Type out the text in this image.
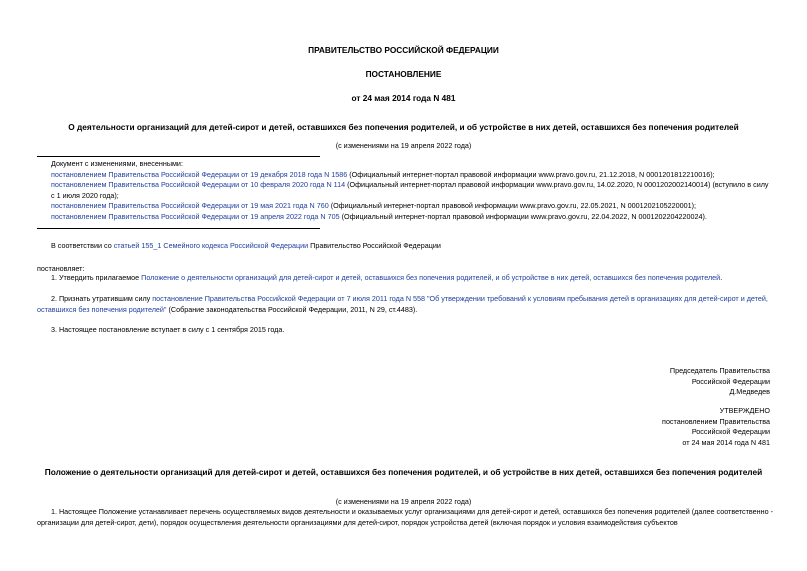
ПРАВИТЕЛЬСТВО РОССИЙСКОЙ ФЕДЕРАЦИИ
ПОСТАНОВЛЕНИЕ
от 24 мая 2014 года N 481
О деятельности организаций для детей-сирот и детей, оставшихся без попечения родителей, и об устройстве в них детей, оставшихся без попечения родителей
(с изменениями на 19 апреля 2022 года)
Документ с изменениями, внесенными:
постановлением Правительства Российской Федерации от 19 декабря 2018 года N 1586 (Официальный интернет-портал правовой информации www.pravo.gov.ru, 21.12.2018, N 0001201812210016);
постановлением Правительства Российской Федерации от 10 февраля 2020 года N 114 (Официальный интернет-портал правовой информации www.pravo.gov.ru, 14.02.2020, N 0001202002140014) (вступило в силу с 1 июля 2020 года);
постановлением Правительства Российской Федерации от 19 мая 2021 года N 760 (Официальный интернет-портал правовой информации www.pravo.gov.ru, 22.05.2021, N 0001202105220001);
постановлением Правительства Российской Федерации от 19 апреля 2022 года N 705 (Официальный интернет-портал правовой информации www.pravo.gov.ru, 22.04.2022, N 0001202204220024).
В соответствии со статьей 155_1 Семейного кодекса Российской Федерации Правительство Российской Федерации
постановляет:
1. Утвердить прилагаемое Положение о деятельности организаций для детей-сирот и детей, оставшихся без попечения родителей, и об устройстве в них детей, оставшихся без попечения родителей.
2. Признать утратившим силу постановление Правительства Российской Федерации от 7 июля 2011 года N 558 "Об утверждении требований к условиям пребывания детей в организациях для детей-сирот и детей, оставшихся без попечения родителей" (Собрание законодательства Российской Федерации, 2011, N 29, ст.4483).
3. Настоящее постановление вступает в силу с 1 сентября 2015 года.
Председатель Правительства
Российской Федерации
Д.Медведев
УТВЕРЖДЕНО
постановлением Правительства
Российской Федерации
от 24 мая 2014 года N 481
Положение о деятельности организаций для детей-сирот и детей, оставшихся без попечения родителей, и об устройстве в них детей, оставшихся без попечения родителей
(с изменениями на 19 апреля 2022 года)
1. Настоящее Положение устанавливает перечень осуществляемых видов деятельности и оказываемых услуг организациями для детей-сирот и детей, оставшихся без попечения родителей (далее соответственно - организации для детей-сирот, дети), порядок осуществления деятельности организациями для детей-сирот, порядок устройства детей (включая порядок и условия взаимодействия субъектов
